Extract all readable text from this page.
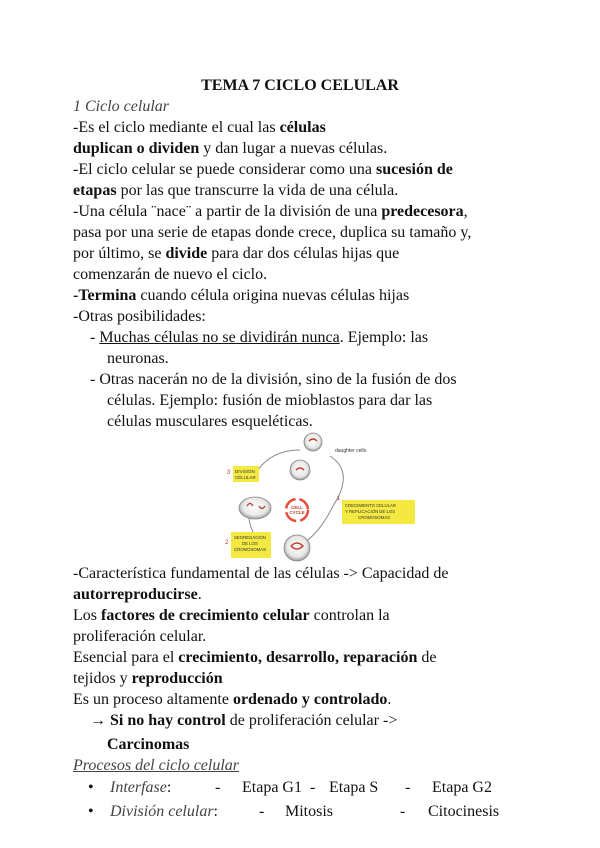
TEMA 7 CICLO CELULAR
1 Ciclo celular
-Es el ciclo mediante el cual las células
duplican o dividen y dan lugar a nuevas células.
-El ciclo celular se puede considerar como una sucesión de
etapas por las que transcurre la vida de una célula.
-Una célula ¨nace¨ a partir de la división de una predecesora,
pasa por una serie de etapas donde crece, duplica su tamaño y,
por último, se divide para dar dos células hijas que
comenzarán de nuevo el ciclo.
-Termina cuando célula origina nuevas células hijas
-Otras posibilidades:
- Muchas células no se dividirán nunca. Ejemplo: las
neuronas.
- Otras nacerán no de la división, sino de la fusión de dos
células. Ejemplo: fusión de mioblastos para dar las
células musculares esqueléticas.
daughter cells
3 DIVISIÓN
CELULAR
CELL
CYCLE
1
CRECIMIENTO CELULAR
Y REPLICACIÓN DE LOS
CROMOSOMAS
2
SEGREGACIÓN
DE LOS
CROMOSOMAS
-Característica fundamental de las células -> Capacidad de
autorreproducirse.
Los factores de crecimiento celular controlan la
proliferación celular.
Esencial para el crecimiento, desarrollo, reparación de
tejidos y reproducción
Es un proceso altamente ordenado y controlado.
→ Si no hay control de proliferación celular ->
Carcinomas
Procesos del ciclo celular
• Interfase:	- Etapa G1 - Etapa S - Etapa G2
• División celular:	- Mitosis	- Citocinesis
